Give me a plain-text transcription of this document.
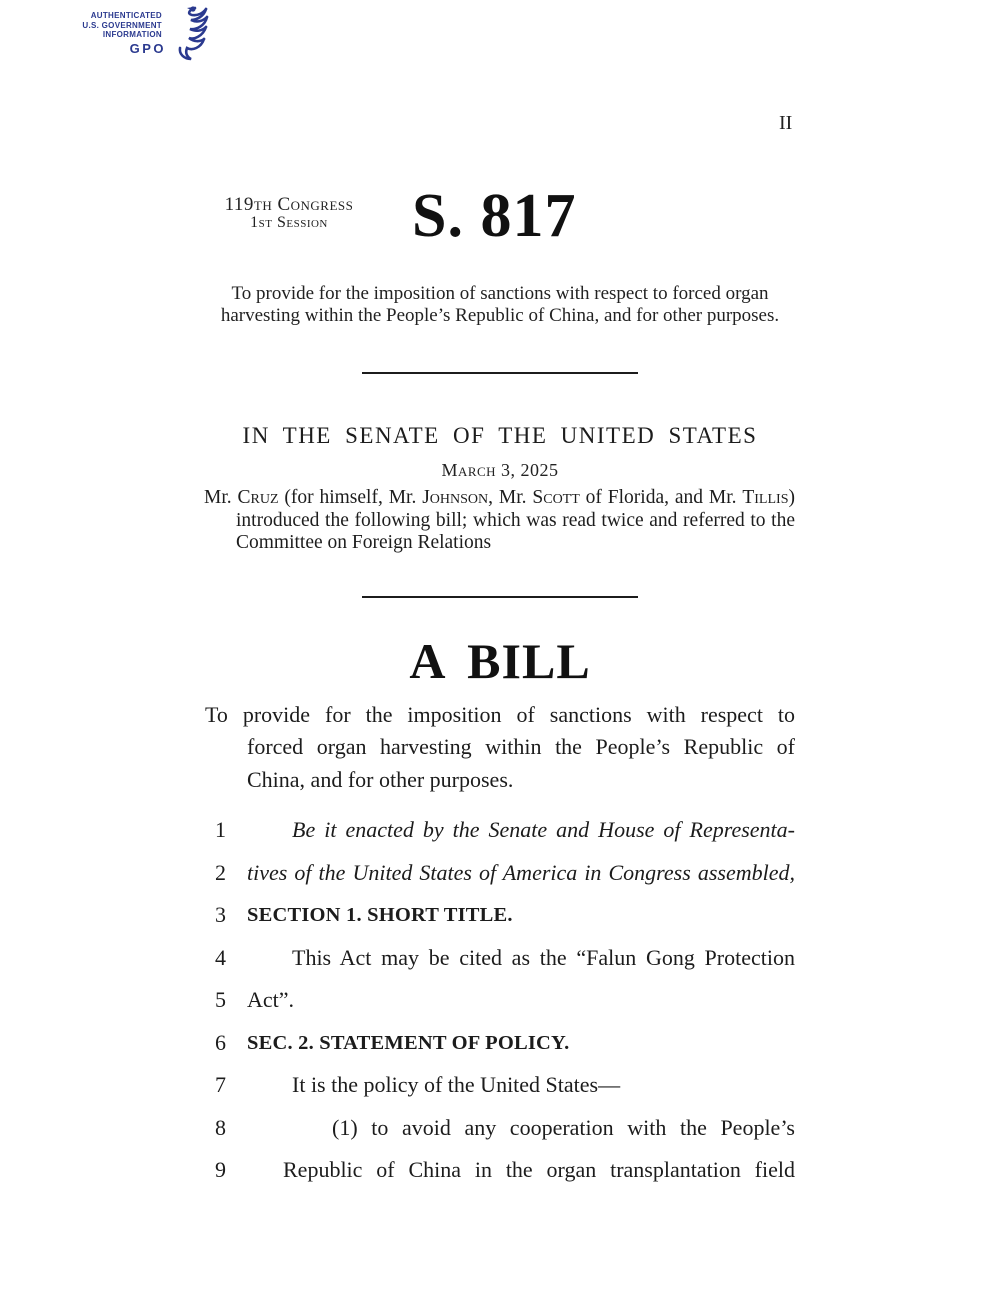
AUTHENTICATED
U.S. GOVERNMENT
INFORMATION
GPO
II
119th Congress
1st Session	S. 817
To provide for the imposition of sanctions with respect to forced organ
harvesting within the People’s Republic of China, and for other purposes.
IN THE SENATE OF THE UNITED STATES
March 3, 2025
Mr. Cruz (for himself, Mr. Johnson, Mr. Scott of Florida, and Mr. Tillis)
introduced the following bill; which was read twice and referred to the
Committee on Foreign Relations
A BILL
To provide for the imposition of sanctions with respect to
forced organ harvesting within the People’s Republic of
China, and for other purposes.
1	Be it enacted by the Senate and House of Representa-
2 tives of the United States of America in Congress assembled,
3 SECTION 1. SHORT TITLE.
4	This Act may be cited as the “Falun Gong Protection
5 Act”.
6 SEC. 2. STATEMENT OF POLICY.
7	It is the policy of the United States—
8	(1) to avoid any cooperation with the People’s
9	Republic of China in the organ transplantation field
